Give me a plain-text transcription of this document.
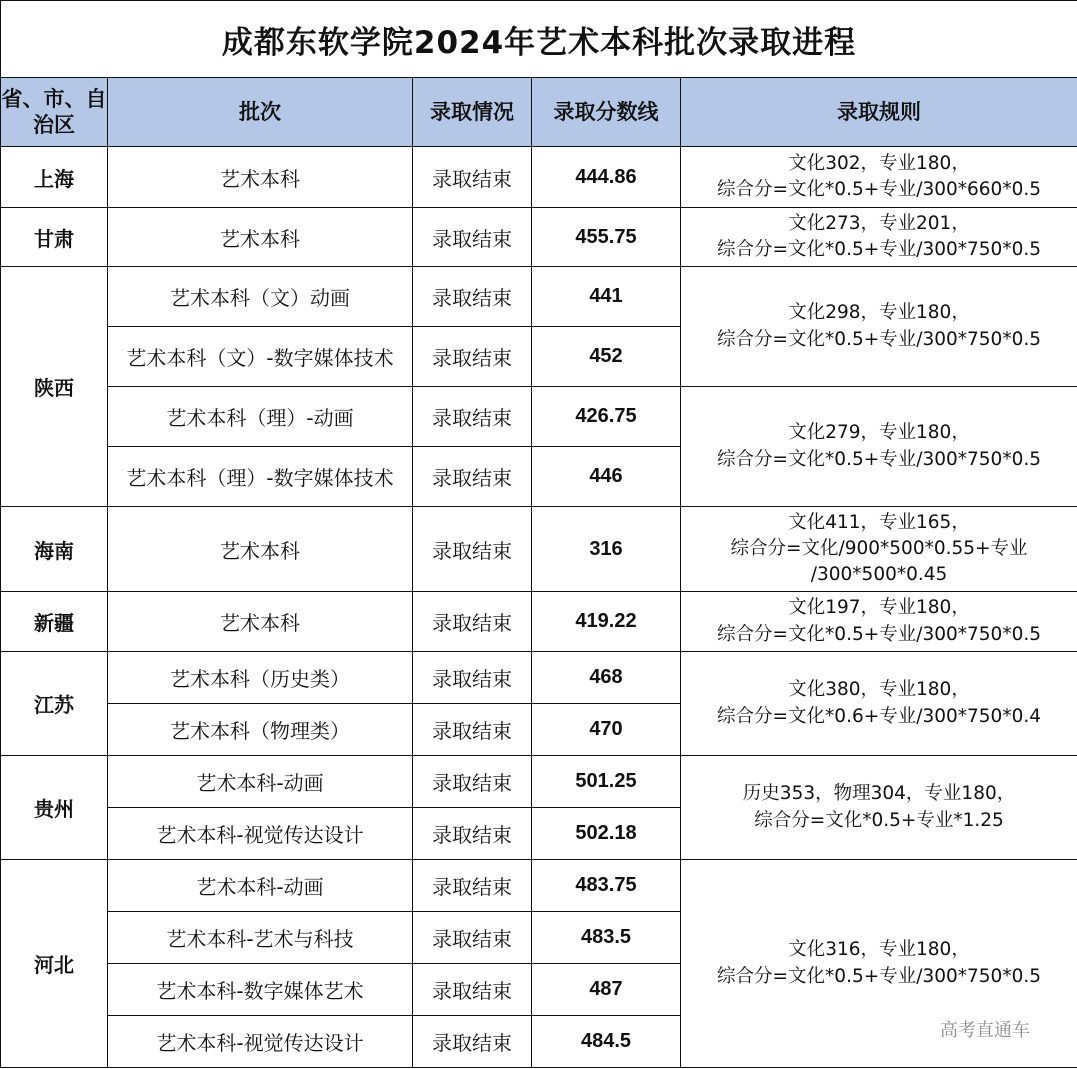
成都东软学院2024年艺术本科批次录取进程				
省、市、自治区	批次	录取情况	录取分数线	录取规则
上海	艺术本科	录取结束	444.86	文化302，专业180，
综合分=文化*0.5+专业/300*660*0.5

甘肃	艺术本科	录取结束	455.75	文化273，专业201，
综合分=文化*0.5+专业/300*750*0.5

陕西	艺术本科（文）动画	录取结束	441	文化298，专业180，
综合分=文化*0.5+专业/300*750*0.5

	艺术本科（文）-数字媒体技术	录取结束	452	
	艺术本科（理）-动画	录取结束	426.75	文化279，专业180，
综合分=文化*0.5+专业/300*750*0.5

	艺术本科（理）-数字媒体技术	录取结束	446	
海南	艺术本科	录取结束	316	文化411，专业165，
综合分=文化/900*500*0.55+专业
/300*500*0.45

新疆	艺术本科	录取结束	419.22	文化197，专业180，
综合分=文化*0.5+专业/300*750*0.5

江苏	艺术本科（历史类）	录取结束	468	文化380，专业180，
综合分=文化*0.6+专业/300*750*0.4

	艺术本科（物理类）	录取结束	470	
贵州	艺术本科-动画	录取结束	501.25	历史353，物理304，专业180，
综合分=文化*0.5+专业*1.25

	艺术本科-视觉传达设计	录取结束	502.18	
河北	艺术本科-动画	录取结束	483.75	文化316，专业180，
综合分=文化*0.5+专业/300*750*0.5

	艺术本科-艺术与科技	录取结束	483.5	
	艺术本科-数字媒体艺术	录取结束	487	
	艺术本科-视觉传达设计	录取结束	484.5		高考直通车
